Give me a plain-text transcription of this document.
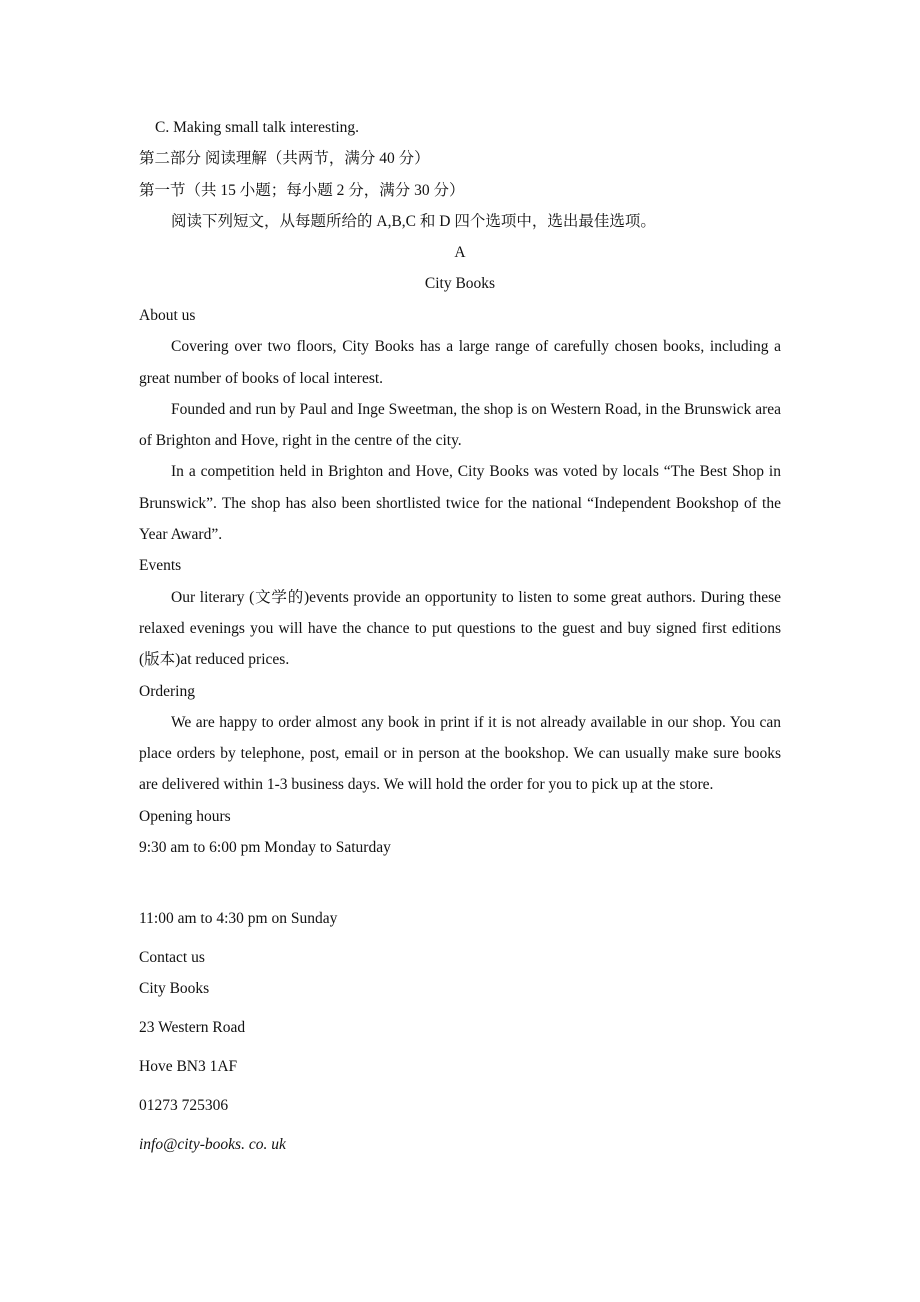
C. Making small talk interesting.

第二部分 阅读理解（共两节，满分 40 分）

第一节（共 15 小题；每小题 2 分，满分 30 分）

阅读下列短文，从每题所给的 A,B,C 和 D 四个选项中，选出最佳选项。

A

City Books

About us

Covering over two floors, City Books has a large range of carefully chosen books, including a great number of books of local interest.

Founded and run by Paul and Inge Sweetman, the shop is on Western Road, in the Brunswick area of Brighton and Hove, right in the centre of the city.

In a competition held in Brighton and Hove, City Books was voted by locals “The Best Shop in Brunswick”. The shop has also been shortlisted twice for the national “Independent Bookshop of the Year Award”.

Events

Our literary (文学的)events provide an opportunity to listen to some great authors. During these relaxed evenings you will have the chance to put questions to the guest and buy signed first editions (版本)at reduced prices.

Ordering

We are happy to order almost any book in print if it is not already available in our shop. You can place orders by telephone, post, email or in person at the bookshop. We can usually make sure books are delivered within 1-3 business days. We will hold the order for you to pick up at the store.

Opening hours

9:30 am to 6:00 pm Monday to Saturday

11:00 am to 4:30 pm on Sunday

Contact us

City Books

23 Western Road

Hove BN3 1AF

01273 725306

info@city-books. co. uk
